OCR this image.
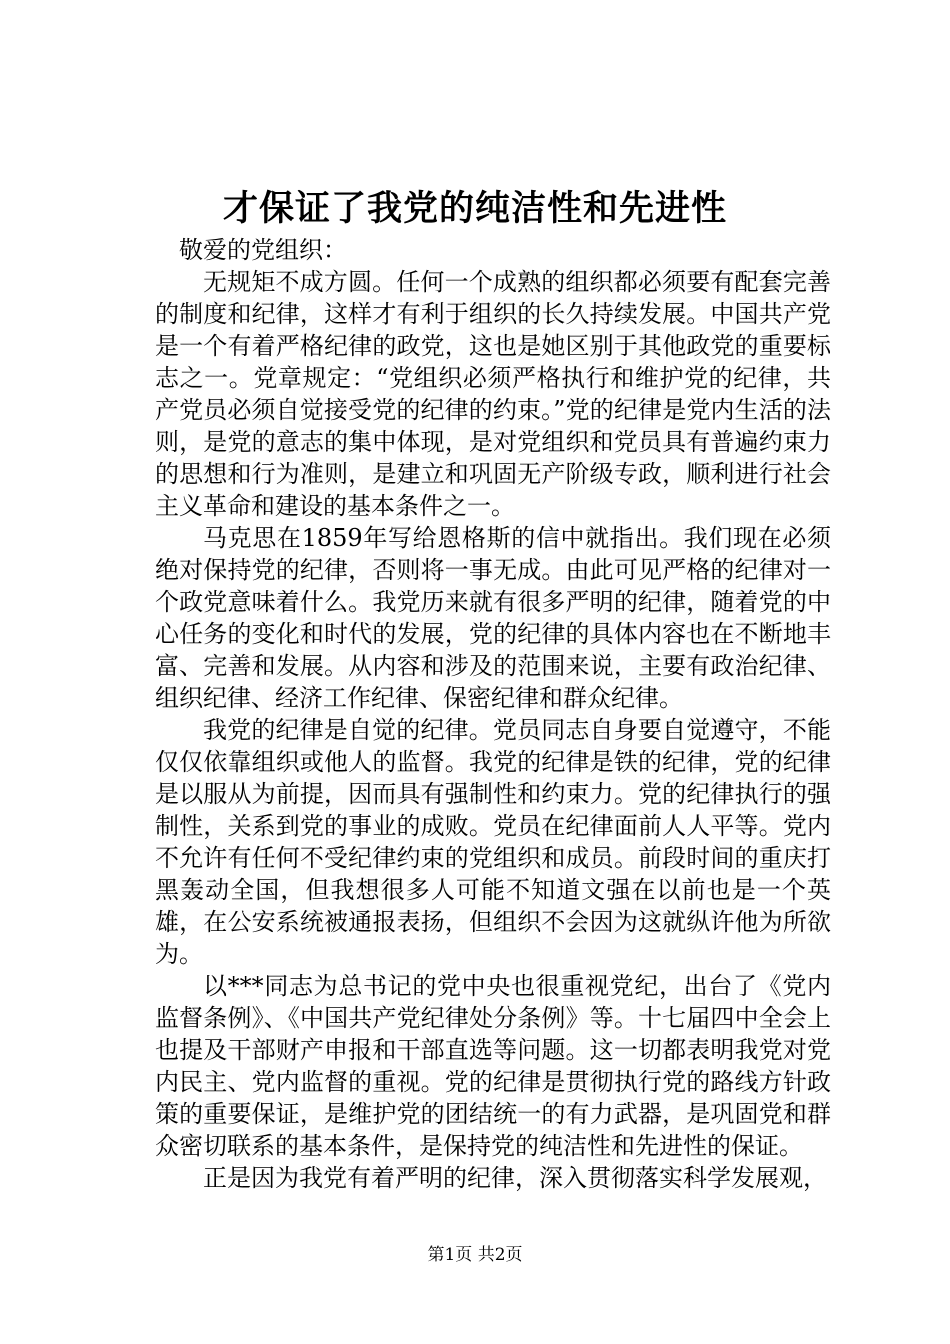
才保证了我党的纯洁性和先进性

敬爱的党组织：

无规矩不成方圆。任何一个成熟的组织都必须要有配套完善的制度和纪律，这样才有利于组织的长久持续发展。中国共产党是一个有着严格纪律的政党，这也是她区别于其他政党的重要标志之一。党章规定：“党组织必须严格执行和维护党的纪律，共产党员必须自觉接受党的纪律的约束。”党的纪律是党内生活的法则，是党的意志的集中体现，是对党组织和党员具有普遍约束力的思想和行为准则，是建立和巩固无产阶级专政，顺利进行社会主义革命和建设的基本条件之一。

马克思在1859年写给恩格斯的信中就指出。我们现在必须绝对保持党的纪律，否则将一事无成。由此可见严格的纪律对一个政党意味着什么。我党历来就有很多严明的纪律，随着党的中心任务的变化和时代的发展，党的纪律的具体内容也在不断地丰富、完善和发展。从内容和涉及的范围来说，主要有政治纪律、组织纪律、经济工作纪律、保密纪律和群众纪律。

我党的纪律是自觉的纪律。党员同志自身要自觉遵守，不能仅仅依靠组织或他人的监督。我党的纪律是铁的纪律，党的纪律是以服从为前提，因而具有强制性和约束力。党的纪律执行的强制性，关系到党的事业的成败。党员在纪律面前人人平等。党内不允许有任何不受纪律约束的党组织和成员。前段时间的重庆打黑轰动全国，但我想很多人可能不知道文强在以前也是一个英雄，在公安系统被通报表扬，但组织不会因为这就纵许他为所欲为。

以***同志为总书记的党中央也很重视党纪，出台了《党内监督条例》、《中国共产党纪律处分条例》等。十七届四中全会上也提及干部财产申报和干部直选等问题。这一切都表明我党对党内民主、党内监督的重视。党的纪律是贯彻执行党的路线方针政策的重要保证，是维护党的团结统一的有力武器，是巩固党和群众密切联系的基本条件，是保持党的纯洁性和先进性的保证。

正是因为我党有着严明的纪律，深入贯彻落实科学发展观，

第1页 共2页
